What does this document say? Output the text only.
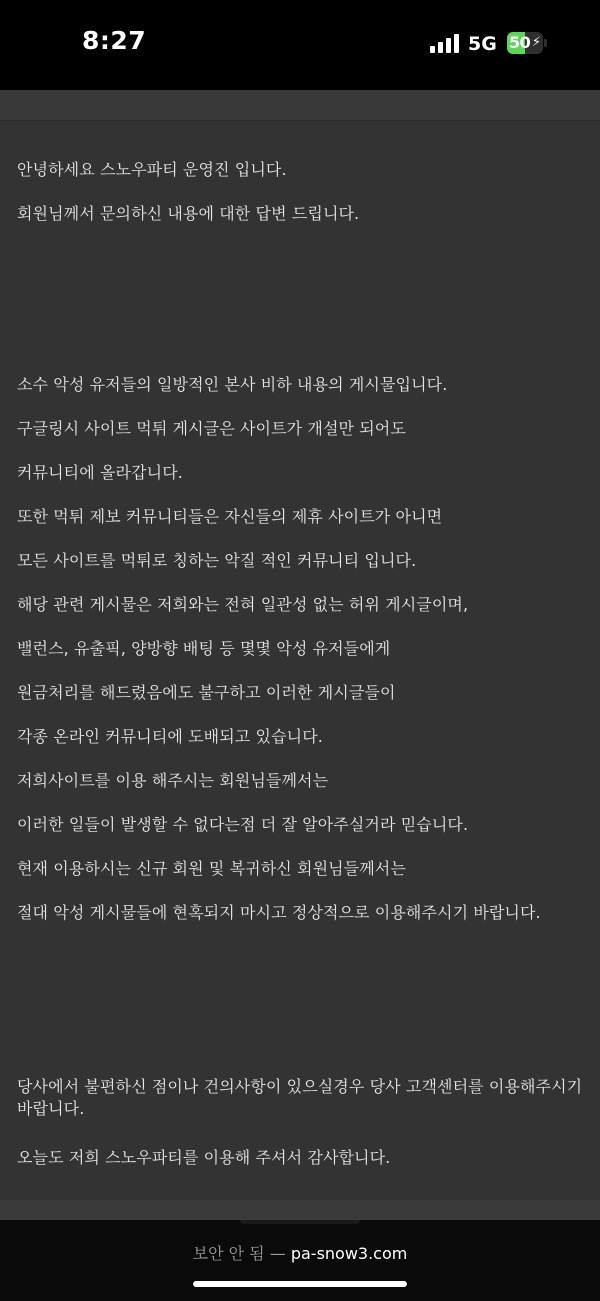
8:27	5G 50 ⚡
안녕하세요 스노우파티 운영진 입니다.
회원님께서 문의하신 내용에 대한 답변 드립니다.
소수 악성 유저들의 일방적인 본사 비하 내용의 게시물입니다.
구글링시 사이트 먹튀 게시글은 사이트가 개설만 되어도
커뮤니티에 올라갑니다.
또한 먹튀 제보 커뮤니티들은 자신들의 제휴 사이트가 아니면
모든 사이트를 먹튀로 칭하는 악질 적인 커뮤니티 입니다.
해당 관련 게시물은 저희와는 전혀 일관성 없는 허위 게시글이며,
밸런스, 유출픽, 양방향 배팅 등 몇몇 악성 유저들에게
원금처리를 해드렸음에도 불구하고 이러한 게시글들이
각종 온라인 커뮤니티에 도배되고 있습니다.
저희사이트를 이용 해주시는 회원님들께서는
이러한 일들이 발생할 수 없다는점 더 잘 알아주실거라 믿습니다.
현재 이용하시는 신규 회원 및 복귀하신 회원님들께서는
절대 악성 게시물들에 현혹되지 마시고 정상적으로 이용해주시기 바랍니다.
당사에서 불편하신 점이나 건의사항이 있으실경우 당사 고객센터를 이용해주시기 바랍니다.
오늘도 저희 스노우파티를 이용해 주셔서 감사합니다.
보안 안 됨 — pa-snow3.com
